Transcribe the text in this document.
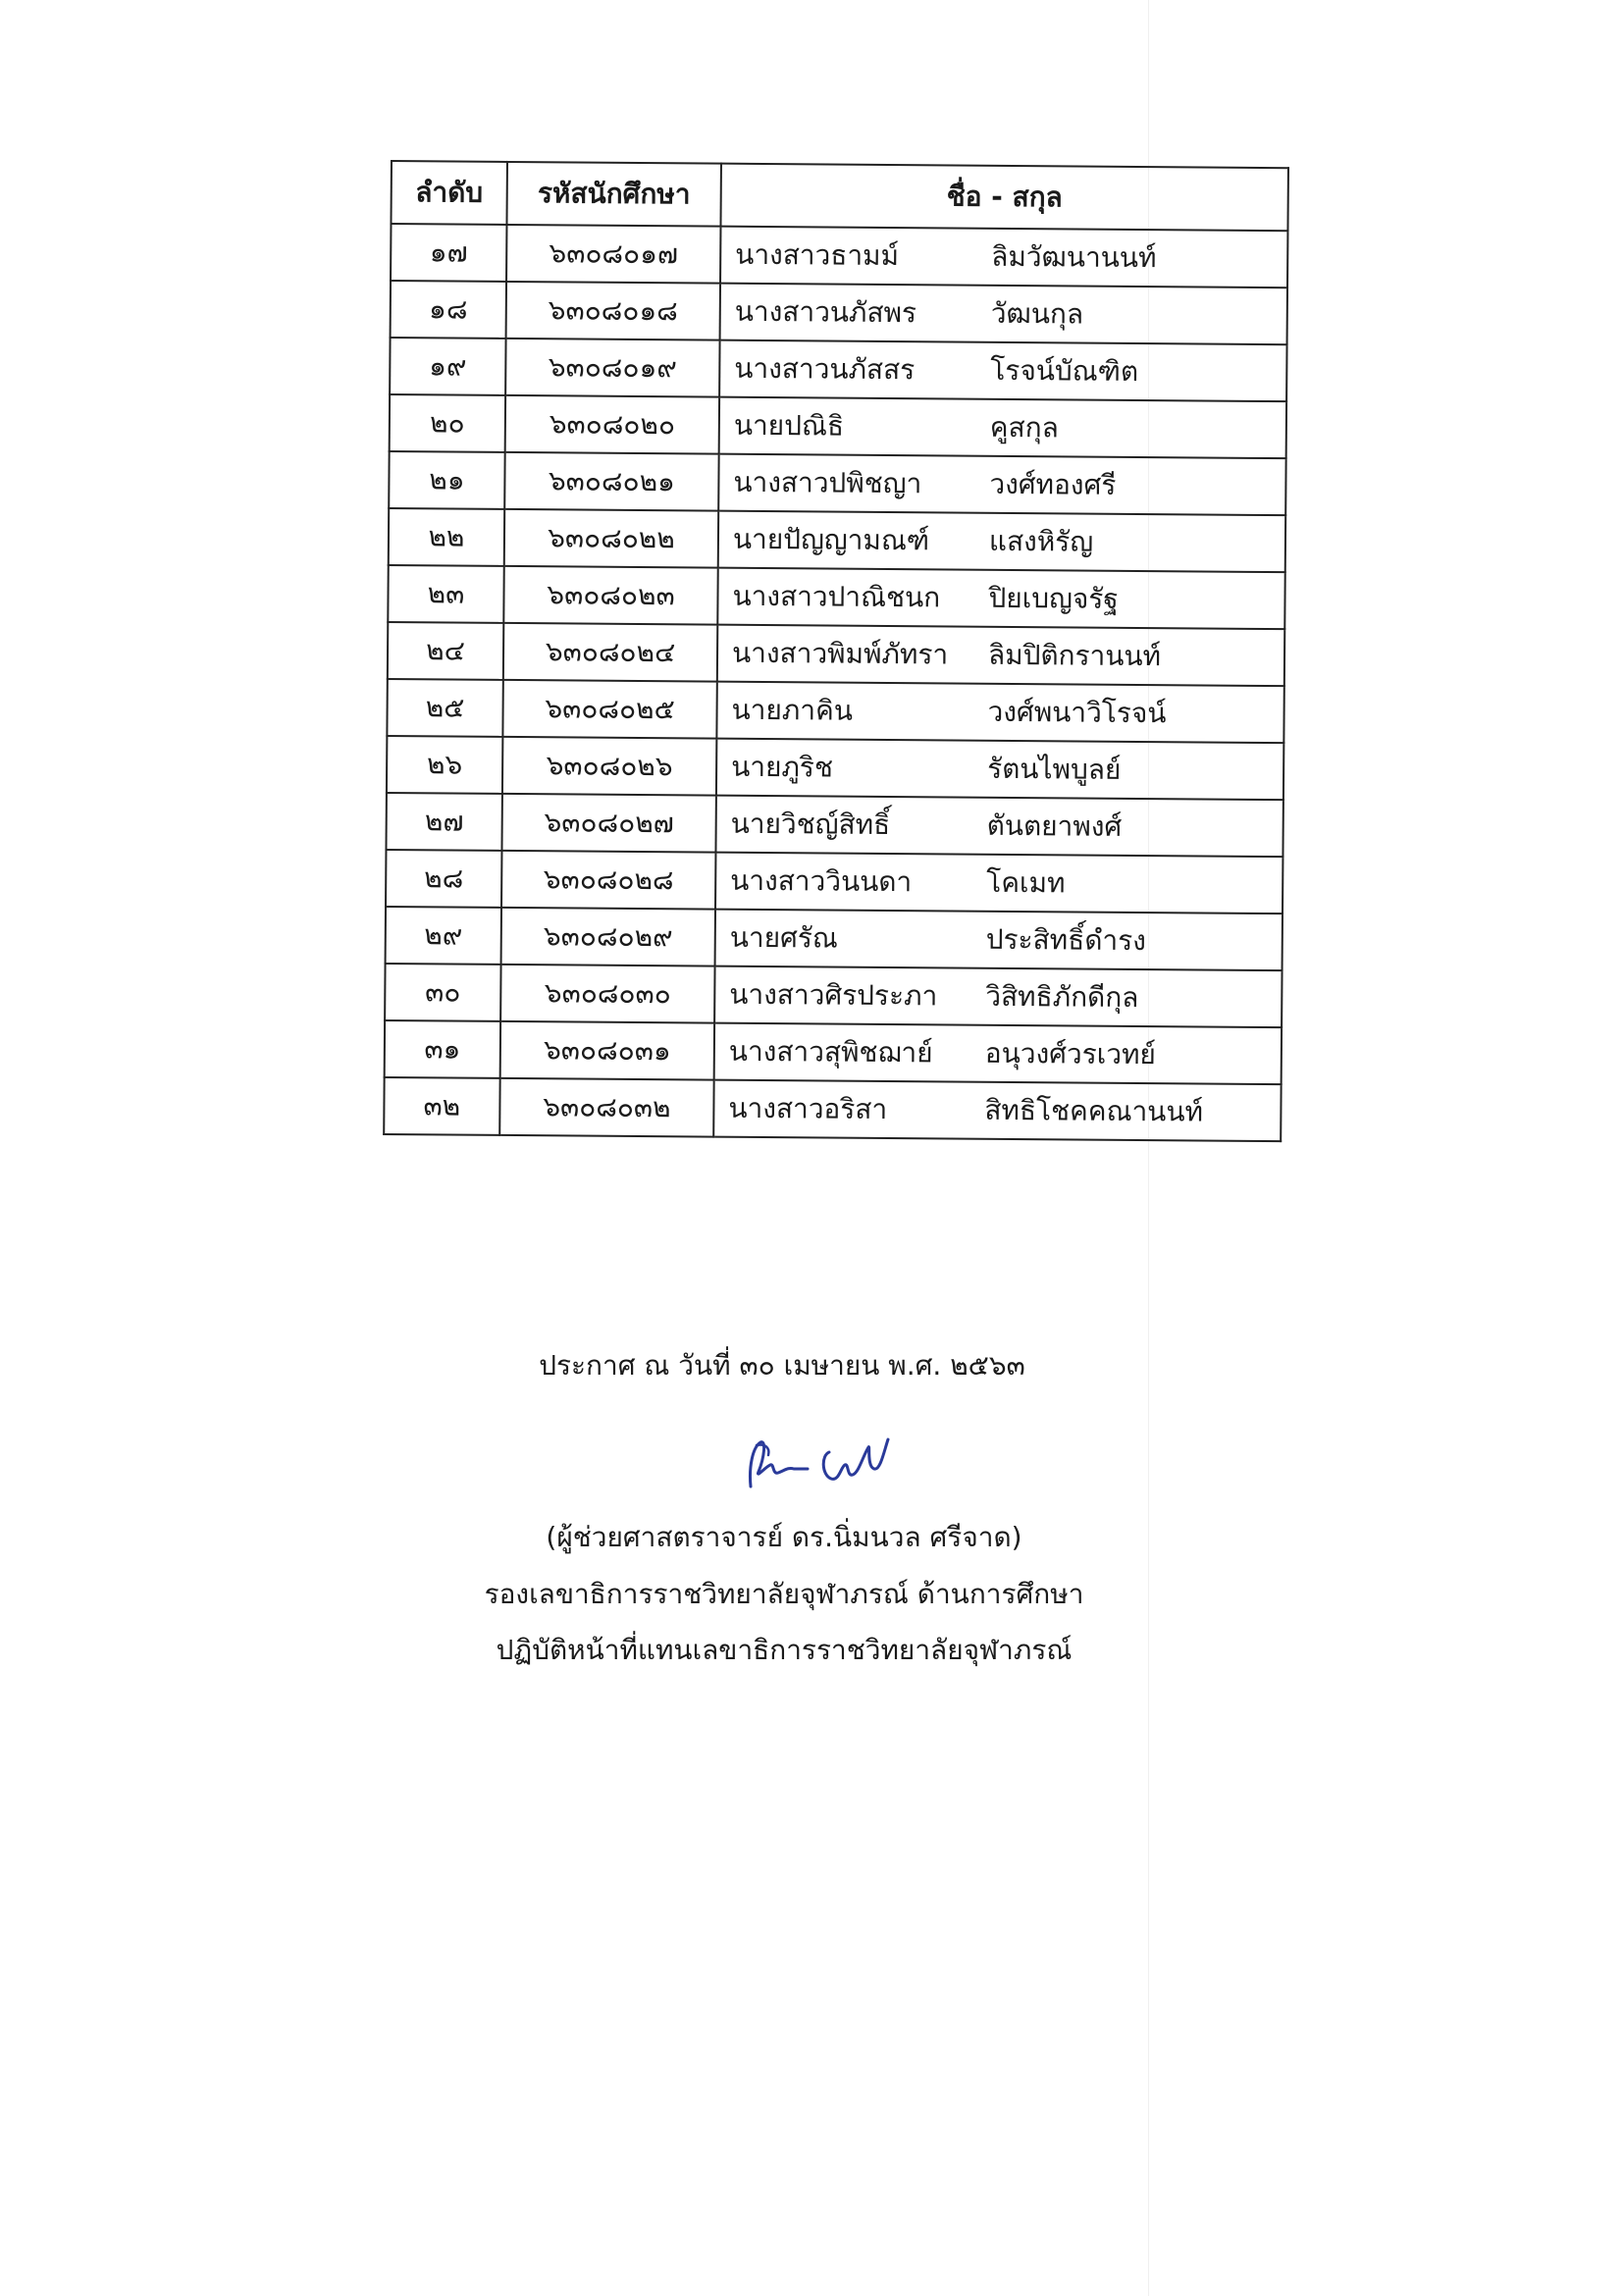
ลำดับ	รหัสนักศึกษา	ชื่อ - สกุล
๑๗	๖๓๐๘๐๑๗	นางสาวธามม์ ลิมวัฒนานนท์

๑๘	๖๓๐๘๐๑๘	นางสาวนภัสพร วัฒนกุล

๑๙	๖๓๐๘๐๑๙	นางสาวนภัสสร โรจน์บัณฑิต

๒๐	๖๓๐๘๐๒๐	นายปณิธิ คูสกุล

๒๑	๖๓๐๘๐๒๑	นางสาวปพิชญา วงศ์ทองศรี

๒๒	๖๓๐๘๐๒๒	นายปัญญามณฑ์ แสงหิรัญ

๒๓	๖๓๐๘๐๒๓	นางสาวปาณิชนก ปิยเบญจรัฐ

๒๔	๖๓๐๘๐๒๔	นางสาวพิมพ์ภัทรา ลิมปิติกรานนท์

๒๕	๖๓๐๘๐๒๕	นายภาคิน วงศ์พนาวิโรจน์

๒๖	๖๓๐๘๐๒๖	นายภูริช รัตนไพบูลย์

๒๗	๖๓๐๘๐๒๗	นายวิชญ์สิทธิ์ ตันตยาพงศ์

๒๘	๖๓๐๘๐๒๘	นางสาววินนดา โคเมท

๒๙	๖๓๐๘๐๒๙	นายศรัณ ประสิทธิ์ดำรง

๓๐	๖๓๐๘๐๓๐	นางสาวศิรประภา วิสิทธิภักดีกุล

๓๑	๖๓๐๘๐๓๑	นางสาวสุพิชฌาย์ อนุวงศ์วรเวทย์

๓๒	๖๓๐๘๐๓๒	นางสาวอริสา สิทธิโชคคณานนท์
ประกาศ ณ วันที่ ๓๐ เมษายน พ.ศ. ๒๕๖๓
(ผู้ช่วยศาสตราจารย์ ดร.นิ่มนวล ศรีจาด)
รองเลขาธิการราชวิทยาลัยจุฬาภรณ์ ด้านการศึกษา
ปฏิบัติหน้าที่แทนเลขาธิการราชวิทยาลัยจุฬาภรณ์
